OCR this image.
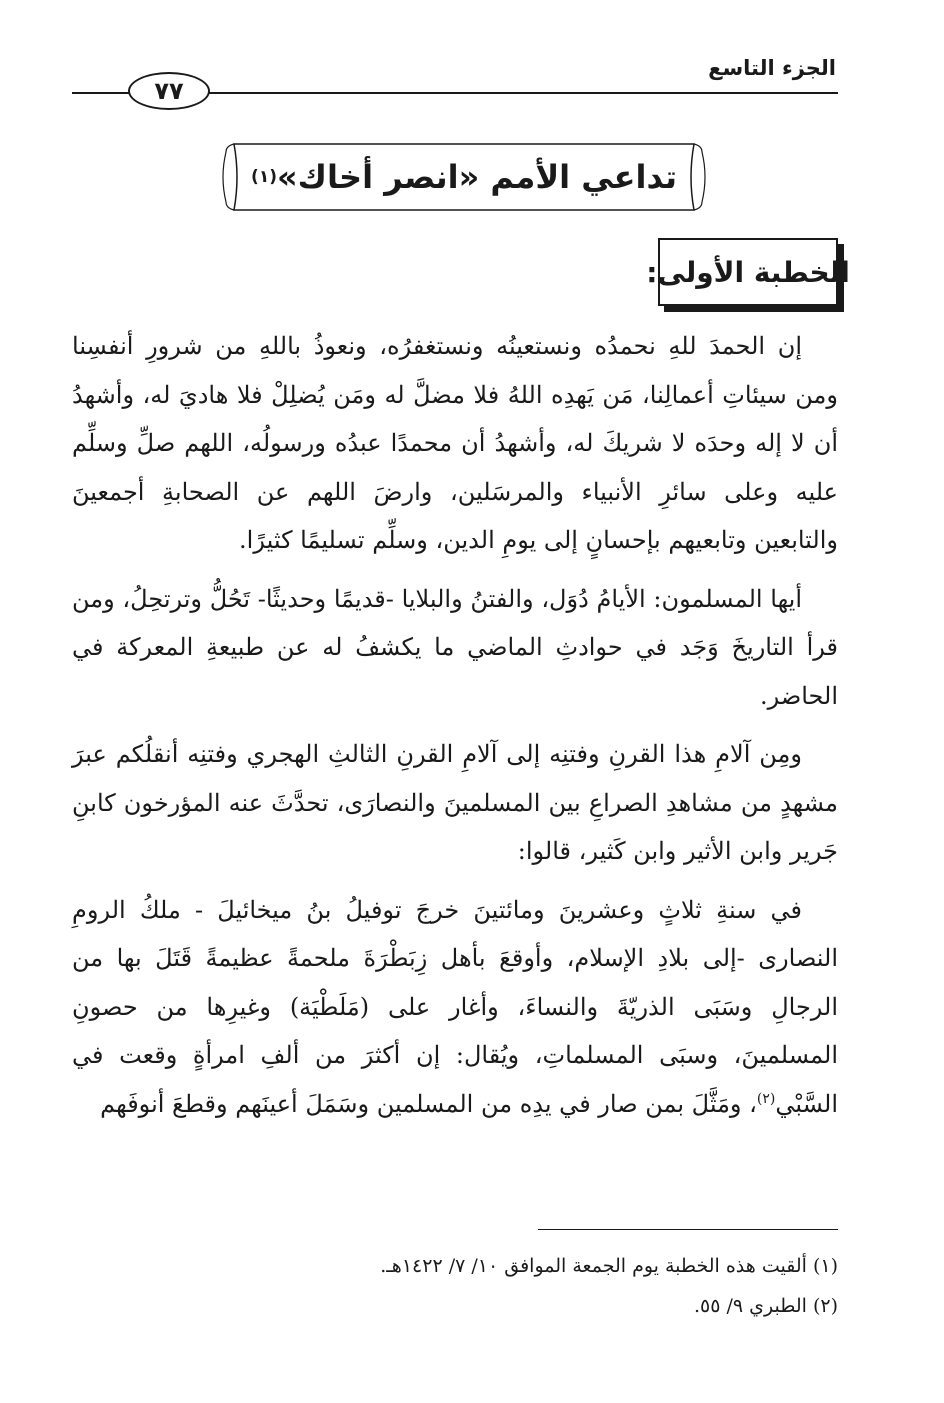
الجزء التاسع
٧٧
تداعي الأمم «انصر أخاك»
(١)
الخطبة الأولى:

إن الحمدَ للهِ نحمدُه ونستعينُه ونستغفرُه، ونعوذُ باللهِ من شرورِ أنفسِنا ومن سيئاتِ أعمالِنا، مَن يَهدِه اللهُ فلا مضلَّ له ومَن يُضلِلْ فلا هاديَ له، وأشهدُ أن لا إله وحدَه لا شريكَ له، وأشهدُ أن محمدًا عبدُه ورسولُه، اللهم صلِّ وسلِّم عليه وعلى سائرِ الأنبياء والمرسَلين، وارضَ اللهم عن الصحابةِ أجمعينَ والتابعين وتابعيهم بإحسانٍ إلى يومِ الدين، وسلِّم تسليمًا كثيرًا.

أيها المسلمون: الأيامُ دُوَل، والفتنُ والبلايا -قديمًا وحديثًا- تَحُلُّ وترتحِلُ، ومن قرأ التاريخَ وَجَد في حوادثِ الماضي ما يكشفُ له عن طبيعةِ المعركة في الحاضر.

ومِن آلامِ هذا القرنِ وفتنِه إلى آلامِ القرنِ الثالثِ الهجري وفتنِه أنقلُكم عبرَ مشهدٍ من مشاهدِ الصراعِ بين المسلمينَ والنصارَى، تحدَّثَ عنه المؤرخون كابنِ جَرير وابن الأثير وابن كَثير، قالوا:

في سنةِ ثلاثٍ وعشرينَ ومائتينَ خرجَ توفيلُ بنُ ميخائيلَ - ملكُ الرومِ النصارى -إلى بلادِ الإسلام، وأوقعَ بأهل زِبَطْرَةَ ملحمةً عظيمةً قَتَلَ بها من الرجالِ وسَبَى الذريّةَ والنساءَ، وأغار على (مَلَطْيَة) وغيرِها من حصونِ المسلمينَ، وسبَى المسلماتِ، ويُقال: إن أكثرَ من ألفِ امرأةٍ وقعت في السَّبْي$^{(٢)}$، ومَثَّلَ بمن صار في يدِه من المسلمين وسَمَلَ أعينَهم وقطعَ أنوفَهم

(١) ألقيت هذه الخطبة يوم الجمعة الموافق ١٠/ ٧/ ١٤٢٢هـ.

(٢) الطبري ٩/ ٥٥.
